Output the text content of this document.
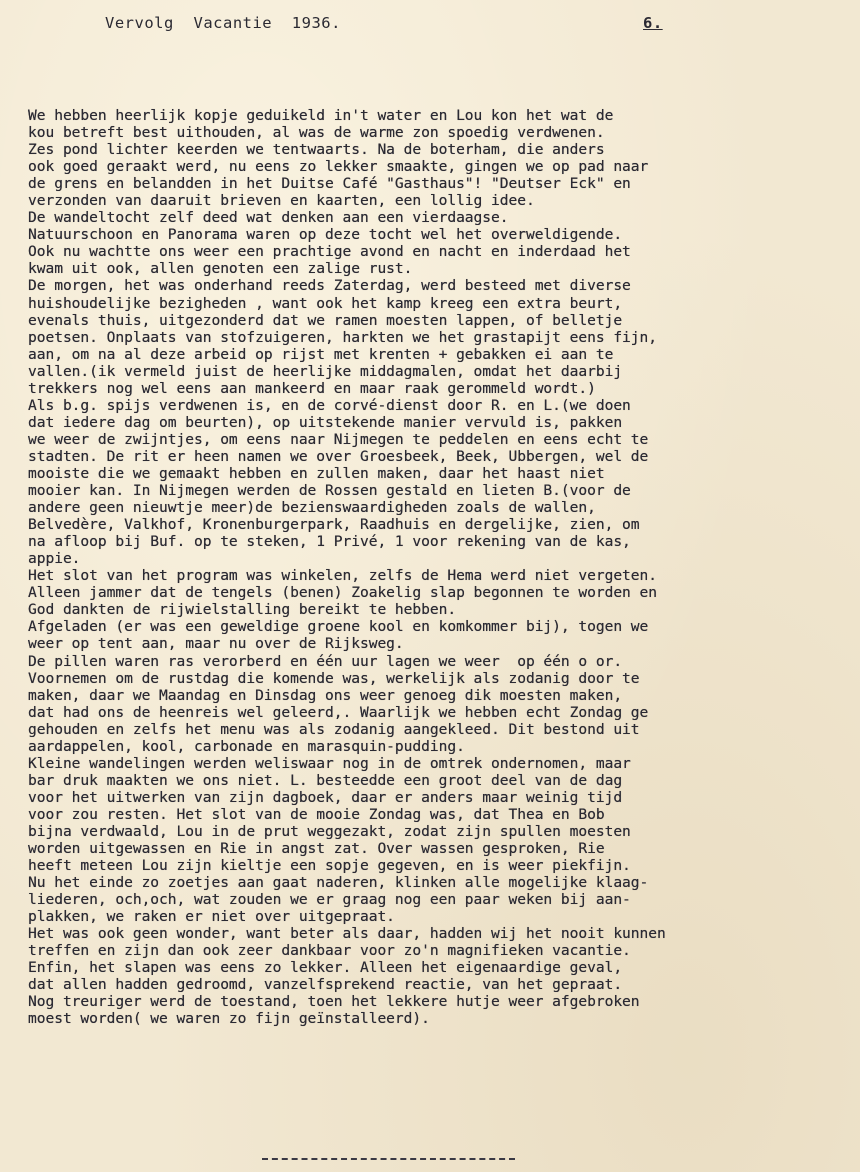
Vervolg  Vacantie  1936.

	6.

We hebben heerlijk kopje geduikeld in't water en Lou kon het wat de
kou betreft best uithouden, al was de warme zon spoedig verdwenen.
Zes pond lichter keerden we tentwaarts. Na de boterham, die anders
ook goed geraakt werd, nu eens zo lekker smaakte, gingen we op pad naar
de grens en belandden in het Duitse Café "Gasthaus"! "Deutser Eck" en
verzonden van daaruit brieven en kaarten, een lollig idee.
De wandeltocht zelf deed wat denken aan een vierdaagse.
Natuurschoon en Panorama waren op deze tocht wel het overweldigende.
Ook nu wachtte ons weer een prachtige avond en nacht en inderdaad het
kwam uit ook, allen genoten een zalige rust.
De morgen, het was onderhand reeds Zaterdag, werd besteed met diverse
huishoudelijke bezigheden , want ook het kamp kreeg een extra beurt,
evenals thuis, uitgezonderd dat we ramen moesten lappen, of belletje
poetsen. Onplaats van stofzuigeren, harkten we het grastapijt eens fijn,
aan, om na al deze arbeid op rijst met krenten + gebakken ei aan te
vallen.(ik vermeld juist de heerlijke middagmalen, omdat het daarbij
trekkers nog wel eens aan mankeerd en maar raak gerommeld wordt.)
Als b.g. spijs verdwenen is, en de corvé-dienst door R. en L.(we doen
dat iedere dag om beurten), op uitstekende manier vervuld is, pakken
we weer de zwijntjes, om eens naar Nijmegen te peddelen en eens echt te
stadten. De rit er heen namen we over Groesbeek, Beek, Ubbergen, wel de
mooiste die we gemaakt hebben en zullen maken, daar het haast niet
mooier kan. In Nijmegen werden de Rossen gestald en lieten B.(voor de
andere geen nieuwtje meer)de bezienswaardigheden zoals de wallen,
Belvedère, Valkhof, Kronenburgerpark, Raadhuis en dergelijke, zien, om
na afloop bij Buf. op te steken, 1 Privé, 1 voor rekening van de kas,
appie.
Het slot van het program was winkelen, zelfs de Hema werd niet vergeten.
Alleen jammer dat de tengels (benen) Zoakelig slap begonnen te worden en
God dankten de rijwielstalling bereikt te hebben.
Afgeladen (er was een geweldige groene kool en komkommer bij), togen we
weer op tent aan, maar nu over de Rijksweg.
De pillen waren ras verorberd en één uur lagen we weer  op één o or.
Voornemen om de rustdag die komende was, werkelijk als zodanig door te
maken, daar we Maandag en Dinsdag ons weer genoeg dik moesten maken,
dat had ons de heenreis wel geleerd,. Waarlijk we hebben echt Zondag ge
gehouden en zelfs het menu was als zodanig aangekleed. Dit bestond uit
aardappelen, kool, carbonade en marasquin-pudding.
Kleine wandelingen werden weliswaar nog in de omtrek ondernomen, maar
bar druk maakten we ons niet. L. besteedde een groot deel van de dag
voor het uitwerken van zijn dagboek, daar er anders maar weinig tijd
voor zou resten. Het slot van de mooie Zondag was, dat Thea en Bob
bijna verdwaald, Lou in de prut weggezakt, zodat zijn spullen moesten
worden uitgewassen en Rie in angst zat. Over wassen gesproken, Rie
heeft meteen Lou zijn kieltje een sopje gegeven, en is weer piekfijn.
Nu het einde zo zoetjes aan gaat naderen, klinken alle mogelijke klaag-
liederen, och,och, wat zouden we er graag nog een paar weken bij aan-
plakken, we raken er niet over uitgepraat.
Het was ook geen wonder, want beter als daar, hadden wij het nooit kunnen
treffen en zijn dan ook zeer dankbaar voor zo'n magnifieken vacantie.
Enfin, het slapen was eens zo lekker. Alleen het eigenaardige geval,
dat allen hadden gedroomd, vanzelfsprekend reactie, van het gepraat.
Nog treuriger werd de toestand, toen het lekkere hutje weer afgebroken
moest worden( we waren zo fijn geïnstalleerd).
